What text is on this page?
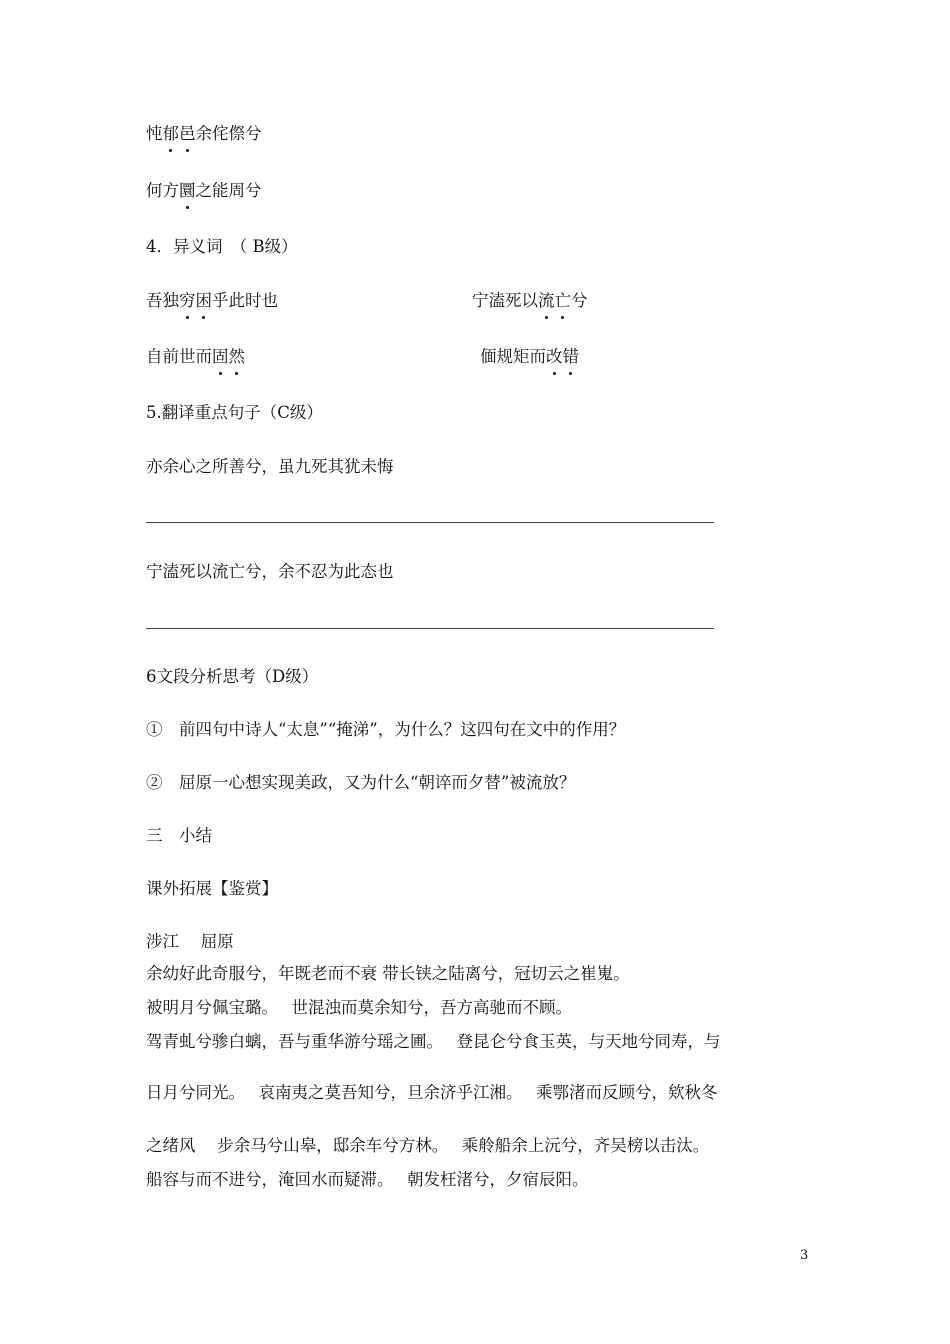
忳郁邑余侘傺兮
何方圜之能周兮
4．异义词　（ B级）
吾独穷困乎此时也	宁溘死以流亡兮
自前世而固然	偭规矩而改错
5.翻译重点句子（C级）
亦余心之所善兮，虽九死其犹未悔
宁溘死以流亡兮，余不忍为此态也
6文段分析思考（D级）
①　前四句中诗人“太息”“掩涕”，为什么？这四句在文中的作用？
②　屈原一心想实现美政，又为什么“朝谇而夕替”被流放？
三　小结
课外拓展【鉴赏】
涉江　 屈原
余幼好此奇服兮，年既老而不衰 带长铗之陆离兮，冠切云之崔嵬。
被明月兮佩宝璐。　 世混浊而莫余知兮，吾方高驰而不顾。
驾青虬兮骖白螭，吾与重华游兮瑶之圃。　 登昆仑兮食玉英，与天地兮同寿，与
日月兮同光。　 哀南夷之莫吾知兮，旦余济乎江湘。　 乘鄂渚而反顾兮，欸秋冬
之绪风　 步余马兮山皋，邸余车兮方林。　 乘舲船余上沅兮，齐吴榜以击汰。
船容与而不进兮，淹回水而疑滞。　 朝发枉渚兮，夕宿辰阳。
3
